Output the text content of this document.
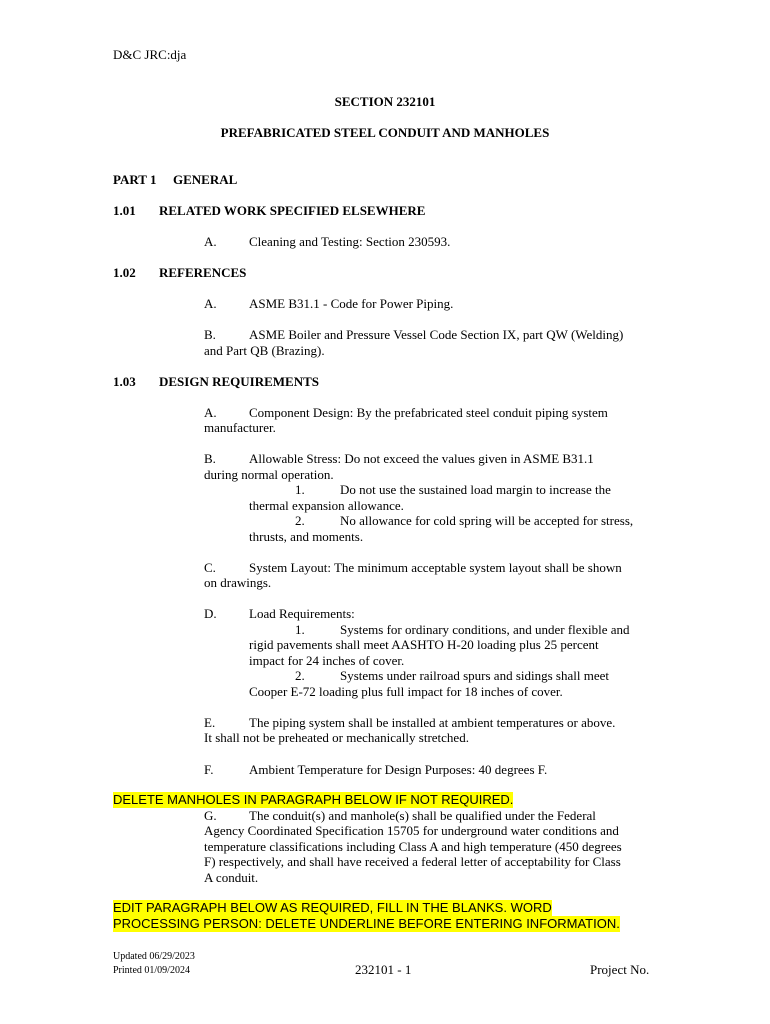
D&C JRC:dja
SECTION 232101
PREFABRICATED STEEL CONDUIT AND MANHOLES
PART 1 GENERAL
1.01 RELATED WORK SPECIFIED ELSEWHERE
A. Cleaning and Testing: Section 230593.
1.02 REFERENCES
A. ASME B31.1 - Code for Power Piping.
B.	ASME Boiler and Pressure Vessel Code Section IX, part QW (Welding)
and Part QB (Brazing).
1.03 DESIGN REQUIREMENTS
A. Component Design: By the prefabricated steel conduit piping system
manufacturer.
B.	Allowable Stress: Do not exceed the values given in ASME B31.1
during normal operation.
1.	Do not use the sustained load margin to increase the
thermal expansion allowance.
2.	No allowance for cold spring will be accepted for stress,
thrusts, and moments.
C.	System Layout: The minimum acceptable system layout shall be shown
on drawings.
D. Load Requirements:
1.	Systems for ordinary conditions, and under flexible and
rigid pavements shall meet AASHTO H-20 loading plus 25 percent
impact for 24 inches of cover.
2.	Systems under railroad spurs and sidings shall meet
Cooper E-72 loading plus full impact for 18 inches of cover.
E.	The piping system shall be installed at ambient temperatures or above.
It shall not be preheated or mechanically stretched.
F.	Ambient Temperature for Design Purposes: 40 degrees F.
DELETE MANHOLES IN PARAGRAPH BELOW IF NOT REQUIRED.
G. The conduit(s) and manhole(s) shall be qualified under the Federal
Agency Coordinated Specification 15705 for underground water conditions and
temperature classifications including Class A and high temperature (450 degrees
F) respectively, and shall have received a federal letter of acceptability for Class
A conduit.
EDIT PARAGRAPH BELOW AS REQUIRED, FILL IN THE BLANKS. WORD
PROCESSING PERSON: DELETE UNDERLINE BEFORE ENTERING INFORMATION.
Updated 06/29/2023
Printed 01/09/2024	232101 - 1	Project No.
